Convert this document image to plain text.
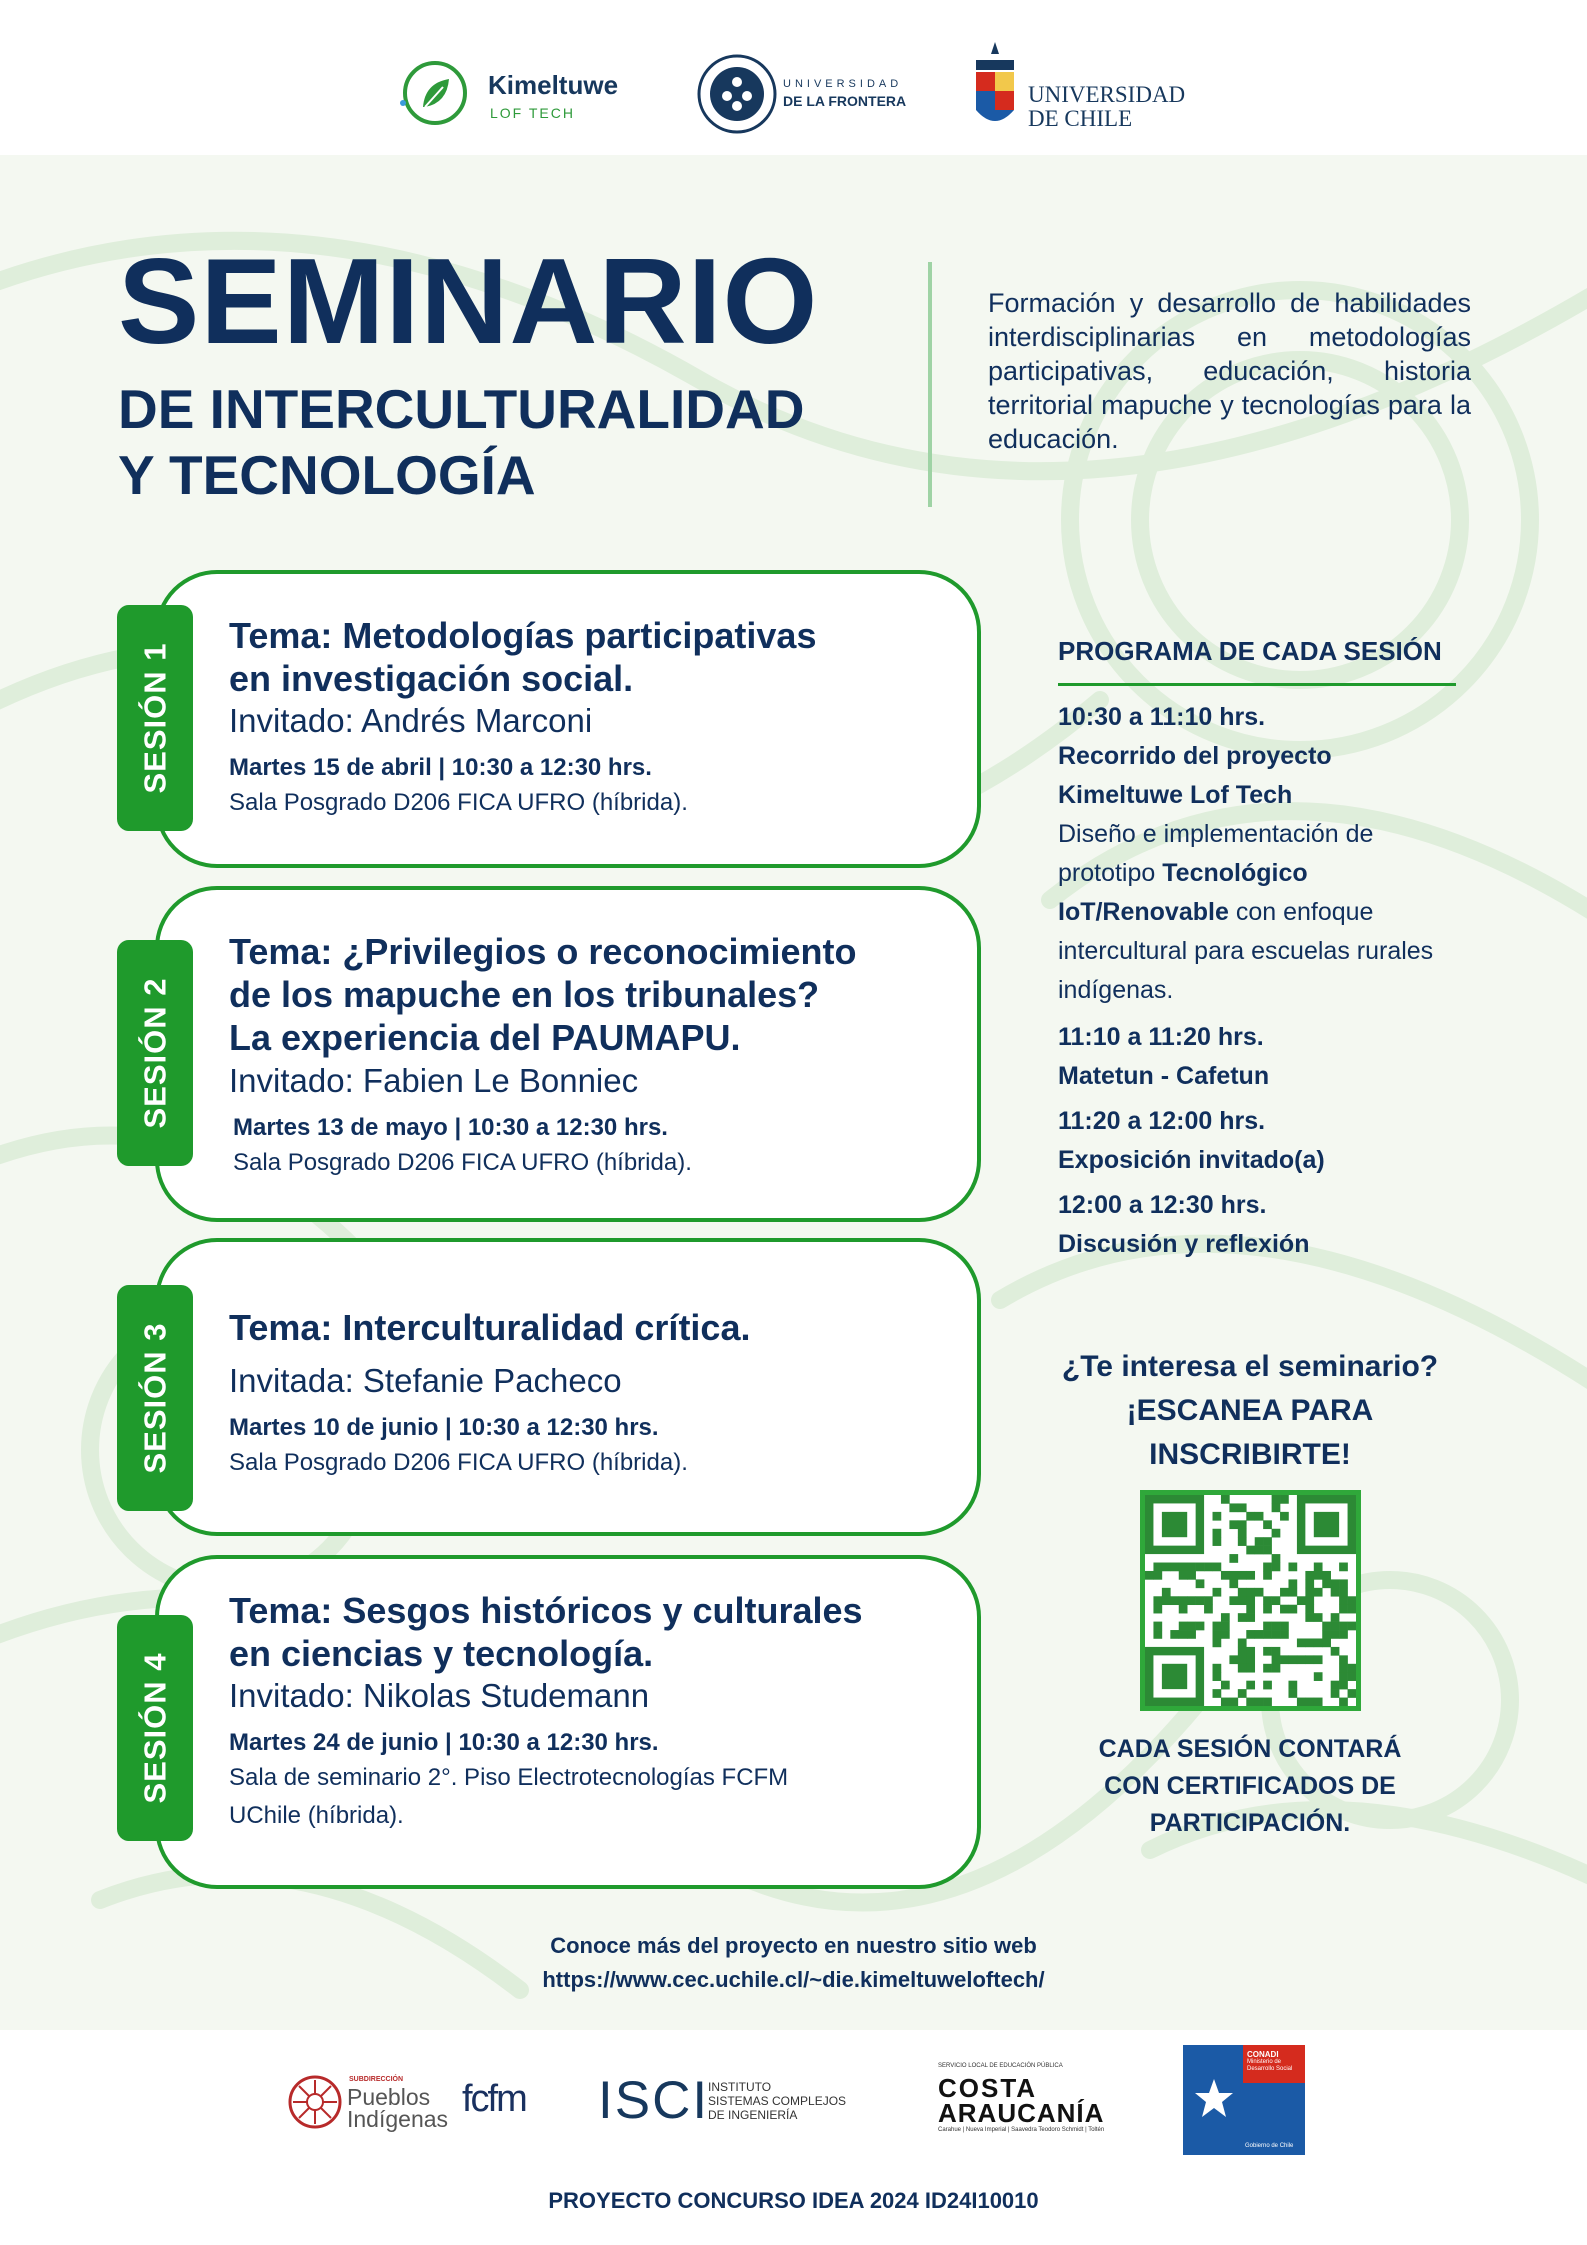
Kimeltuwe
LOF TECH
UNIVERSIDAD
DE LA FRONTERA	UNIVERSIDAD
DE CHILE
SEMINARIO
DE INTERCULTURALIDAD
Y TECNOLOGÍA

Formación y desarrollo de habilidades interdisciplinarias en metodologías participativas, educación, historia territorial mapuche y tecnologías para la educación.

Tema: Metodologías participativas
en investigación social.
Invitado: Andrés Marconi
Martes 15 de abril | 10:30 a 12:30 hrs.
Sala Posgrado D206 FICA UFRO (híbrida).
SESIÓN 1
Tema: ¿Privilegios o reconocimiento
de los mapuche en los tribunales?
La experiencia del PAUMAPU.
Invitado: Fabien Le Bonniec
Martes 13 de mayo | 10:30 a 12:30 hrs.
Sala Posgrado D206 FICA UFRO (híbrida).
SESIÓN 2
Tema: Interculturalidad crítica.
Invitada: Stefanie Pacheco
Martes 10 de junio | 10:30 a 12:30 hrs.
Sala Posgrado D206 FICA UFRO (híbrida).
SESIÓN 3
Tema: Sesgos históricos y culturales
en ciencias y tecnología.
Invitado: Nikolas Studemann
Martes 24 de junio | 10:30 a 12:30 hrs.
Sala de seminario 2°. Piso Electrotecnologías FCFM
UChile (híbrida).
SESIÓN 4
PROGRAMA DE CADA SESIÓN
10:30 a 11:10 hrs.
Recorrido del proyecto
Kimeltuwe Lof Tech
Diseño e implementación de
prototipo Tecnológico
IoT/Renovable con enfoque
intercultural para escuelas rurales
indígenas.
11:10 a 11:20 hrs.
Matetun - Cafetun
11:20 a 12:00 hrs.
Exposición invitado(a)
12:00 a 12:30 hrs.
Discusión y reflexión
¿Te interesa el seminario?
¡ESCANEA PARA
INSCRIBIRTE!
CADA SESIÓN CONTARÁ
CON CERTIFICADOS DE
PARTICIPACIÓN.
Conoce más del proyecto en nuestro sitio web
https://www.cec.uchile.cl/~die.kimeltuweloftech/
SUBDIRECCIÓN
Pueblos
Indígenas fcfm ISCI
INSTITUTO
SISTEMAS COMPLEJOS
DE INGENIERÍA
SERVICIO LOCAL DE EDUCACIÓN PÚBLICA
COSTA
ARAUCANÍA
Carahue | Nueva Imperial | Saavedra Teodoro Schmidt | Toltén
CONADI
Ministerio de Desarrollo Social
Gobierno de Chile
PROYECTO CONCURSO IDEA 2024 ID24I10010
